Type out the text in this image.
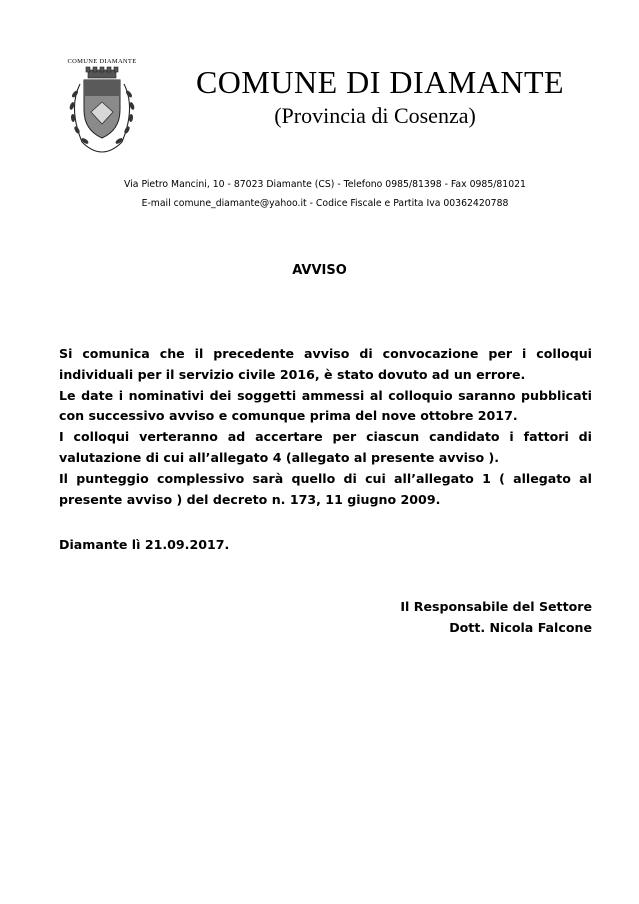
COMUNE DIAMANTE
COMUNE DI DIAMANTE
(Provincia di Cosenza)
Via Pietro Mancini, 10 - 87023 Diamante (CS) - Telefono 0985/81398 - Fax 0985/81021
E-mail comune_diamante@yahoo.it - Codice Fiscale e Partita Iva 00362420788
AVVISO

Si comunica che il precedente avviso di convocazione per i colloqui individuali per il servizio civile 2016, è stato dovuto ad un errore.

Le date i nominativi dei soggetti ammessi al colloquio saranno pubblicati con successivo avviso e comunque prima del nove ottobre 2017.

I colloqui verteranno ad accertare per ciascun candidato i fattori di valutazione di cui all’allegato 4 (allegato al presente avviso ).

Il punteggio complessivo sarà quello di cui all’allegato 1 ( allegato al presente avviso ) del decreto n. 173, 11 giugno 2009.

Diamante lì 21.09.2017.
Il Responsabile del Settore
Dott. Nicola Falcone
